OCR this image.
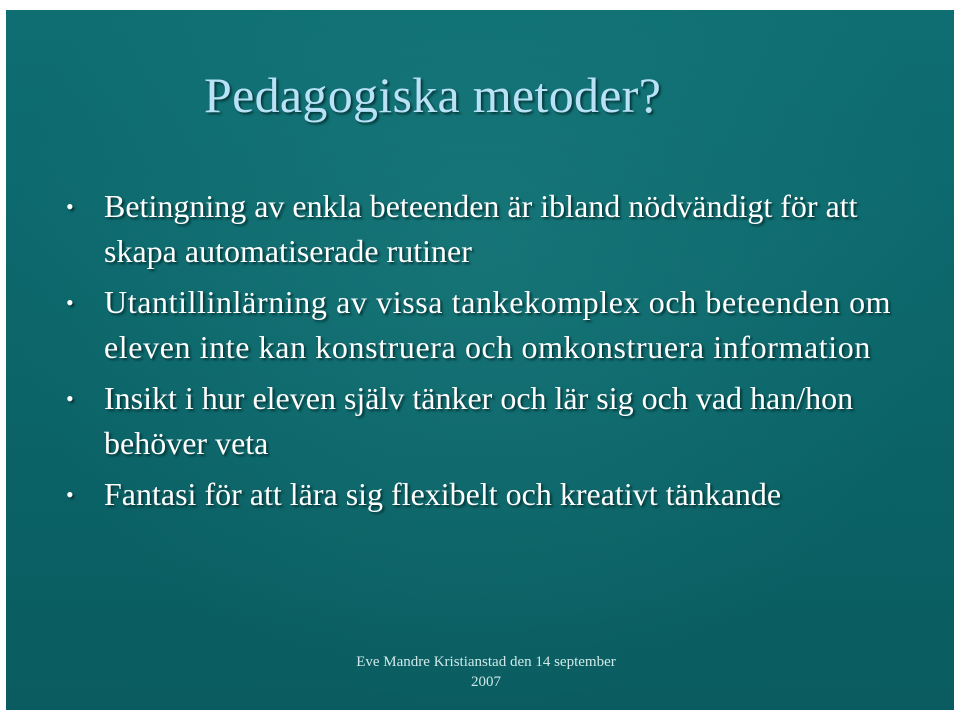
Pedagogiska metoder?
• Betingning av enkla beteenden är ibland nödvändigt för att skapa automatiserade rutiner
• Utantillinlärning av vissa tankekomplex och beteenden om eleven inte kan konstruera och omkonstruera information
• Insikt i hur eleven själv tänker och lär sig och vad han/hon behöver veta
• Fantasi för att lära sig flexibelt och kreativt tänkande
Eve Mandre Kristianstad den 14 september
2007
